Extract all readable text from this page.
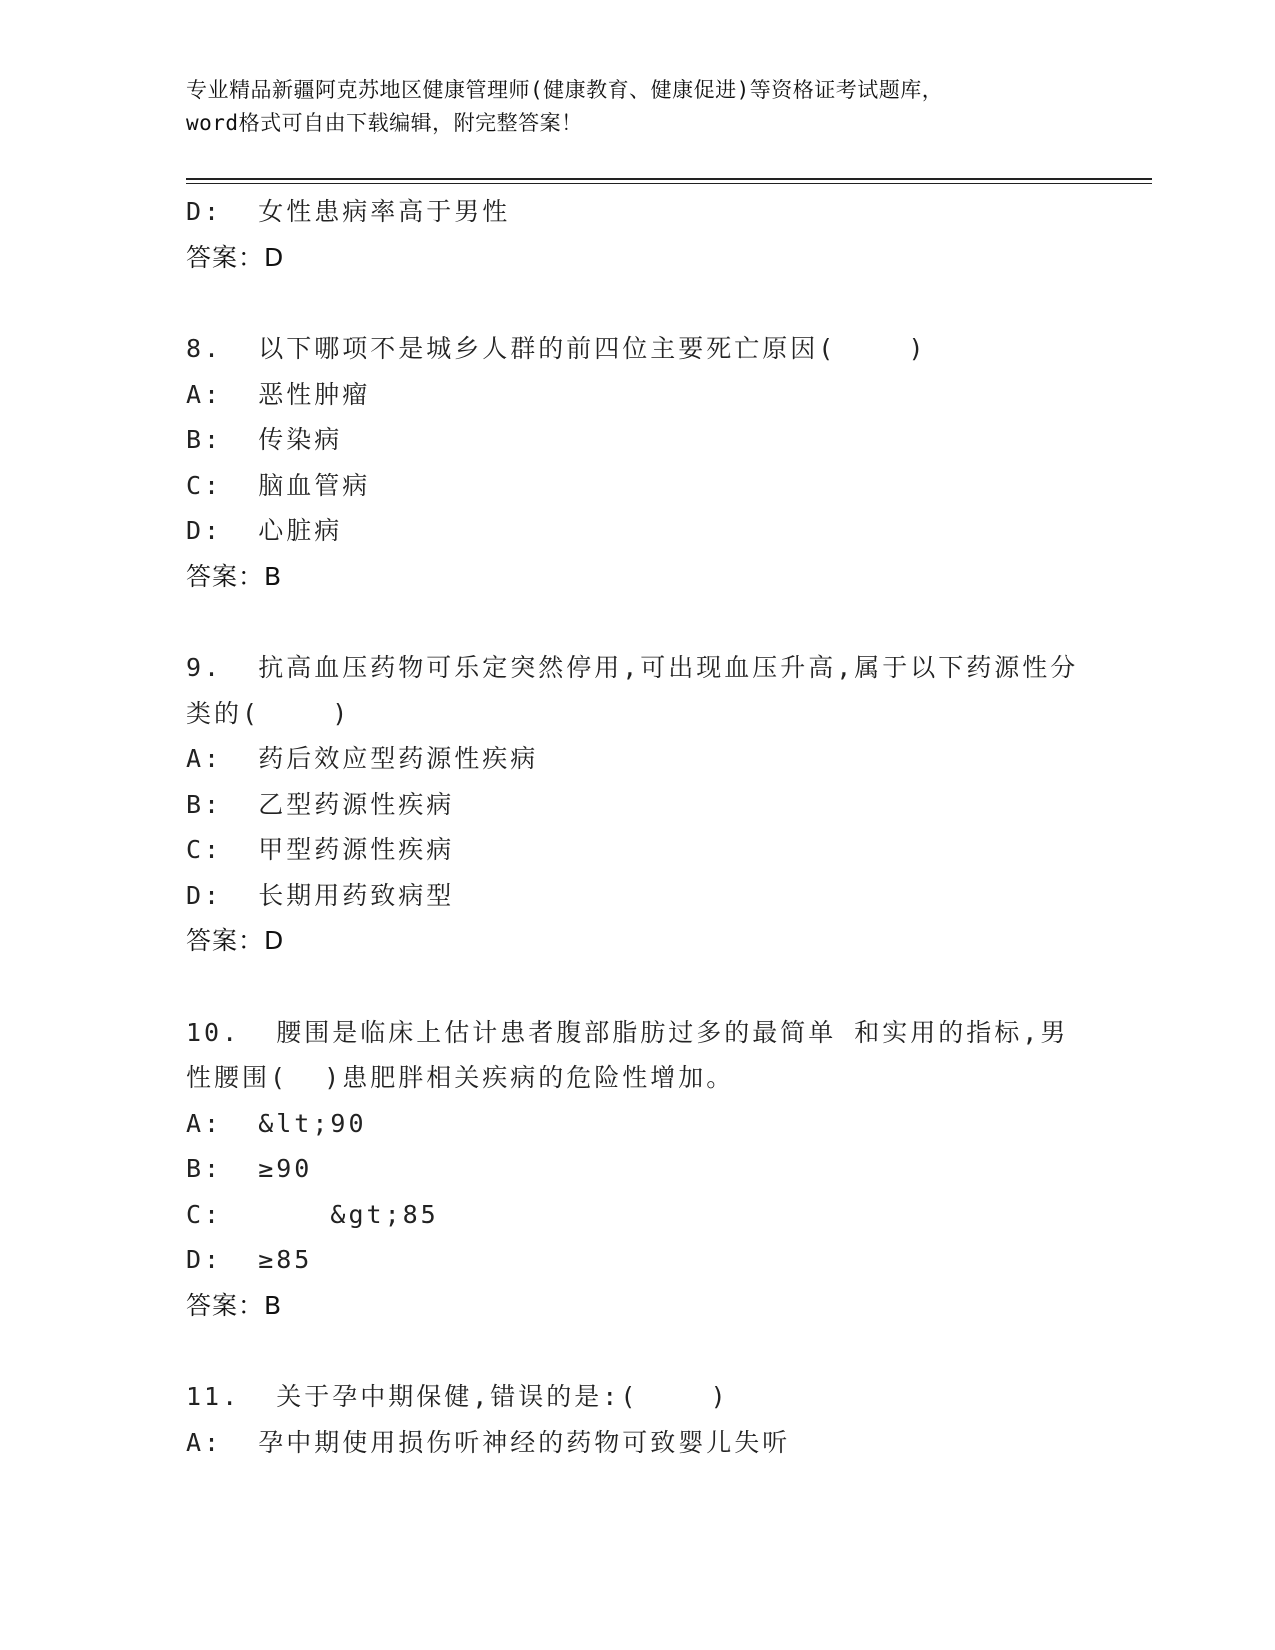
专业精品新疆阿克苏地区健康管理师(健康教育、健康促进)等资格证考试题库，
word格式可自由下载编辑，附完整答案！
D:  女性患病率高于男性
答案：D
8.  以下哪项不是城乡人群的前四位主要死亡原因(    )
A:  恶性肿瘤
B:  传染病
C:  脑血管病
D:  心脏病
答案：B
9.  抗高血压药物可乐定突然停用,可出现血压升高,属于以下药源性分
类的(    )
A:  药后效应型药源性疾病
B:  乙型药源性疾病
C:  甲型药源性疾病
D:  长期用药致病型
答案：D
10.  腰围是临床上估计患者腹部脂肪过多的最简单 和实用的指标,男
性腰围(  )患肥胖相关疾病的危险性增加。
A:  &lt;90
B:  ≥90
C:      &gt;85
D:  ≥85
答案：B
11.  关于孕中期保健,错误的是:(    )
A:  孕中期使用损伤听神经的药物可致婴儿失听
